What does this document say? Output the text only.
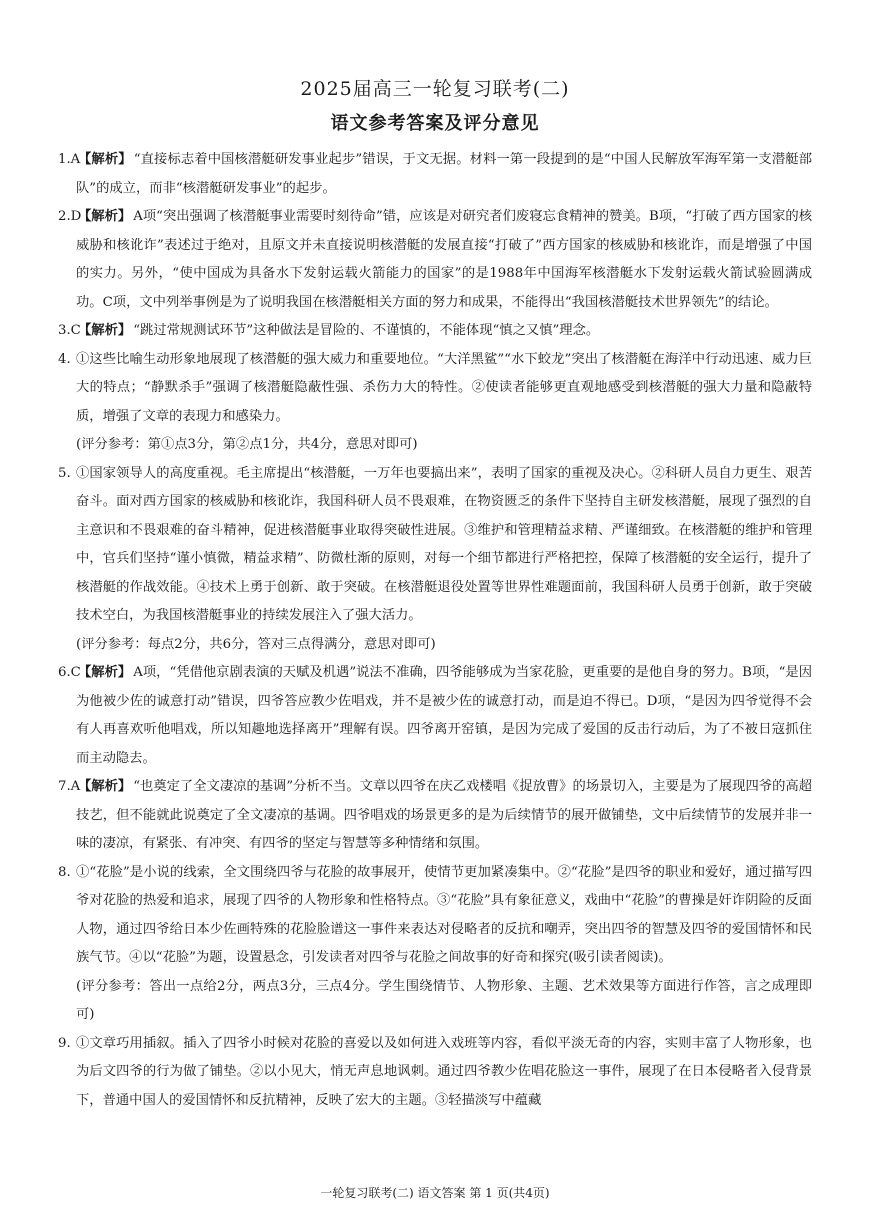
2025届高三一轮复习联考(二)
语文参考答案及评分意见

1.A
【解析】 “直接标志着中国核潜艇研发事业起步”错误，于文无据。材料一第一段提到的是“中国人民解放军海军第一支潜艇部队”的成立，而非“核潜艇研发事业”的起步。

2.D
【解析】 A项“突出强调了核潜艇事业需要时刻待命”错，应该是对研究者们废寝忘食精神的赞美。B项，“打破了西方国家的核威胁和核讹诈”表述过于绝对，且原文并未直接说明核潜艇的发展直接“打破了”西方国家的核威胁和核讹诈，而是增强了中国的实力。另外，“使中国成为具备水下发射运载火箭能力的国家”的是1988年中国海军核潜艇水下发射运载火箭试验圆满成功。C项，文中列举事例是为了说明我国在核潜艇相关方面的努力和成果，不能得出“我国核潜艇技术世界领先”的结论。

3.C
【解析】 “跳过常规测试环节”这种做法是冒险的、不谨慎的，不能体现“慎之又慎”理念。

4. ①这些比喻生动形象地展现了核潜艇的强大威力和重要地位。“大洋黑鲨”“水下蛟龙”突出了核潜艇在海洋中行动迅速、威力巨大的特点；“静默杀手”强调了核潜艇隐蔽性强、杀伤力大的特性。②使读者能够更直观地感受到核潜艇的强大力量和隐蔽特质，增强了文章的表现力和感染力。

(评分参考：第①点3分，第②点1分，共4分，意思对即可)

5. ①国家领导人的高度重视。毛主席提出“核潜艇，一万年也要搞出来”，表明了国家的重视及决心。②科研人员自力更生、艰苦奋斗。面对西方国家的核威胁和核讹诈，我国科研人员不畏艰难，在物资匮乏的条件下坚持自主研发核潜艇，展现了强烈的自主意识和不畏艰难的奋斗精神，促进核潜艇事业取得突破性进展。③维护和管理精益求精、严谨细致。在核潜艇的维护和管理中，官兵们坚持“谨小慎微，精益求精”、防微杜渐的原则，对每一个细节都进行严格把控，保障了核潜艇的安全运行，提升了核潜艇的作战效能。④技术上勇于创新、敢于突破。在核潜艇退役处置等世界性难题面前，我国科研人员勇于创新，敢于突破技术空白，为我国核潜艇事业的持续发展注入了强大活力。

(评分参考：每点2分，共6分，答对三点得满分，意思对即可)

6.C
【解析】 A项，“凭借他京剧表演的天赋及机遇”说法不准确，四爷能够成为当家花脸，更重要的是他自身的努力。B项，“是因为他被少佐的诚意打动”错误，四爷答应教少佐唱戏，并不是被少佐的诚意打动，而是迫不得已。D项，“是因为四爷觉得不会有人再喜欢听他唱戏，所以知趣地选择离开”理解有误。四爷离开窑镇，是因为完成了爱国的反击行动后，为了不被日寇抓住而主动隐去。

7.A
【解析】 “也奠定了全文凄凉的基调”分析不当。文章以四爷在庆乙戏楼唱《捉放曹》的场景切入，主要是为了展现四爷的高超技艺，但不能就此说奠定了全文凄凉的基调。四爷唱戏的场景更多的是为后续情节的展开做铺垫，文中后续情节的发展并非一味的凄凉，有紧张、有冲突、有四爷的坚定与智慧等多种情绪和氛围。

8. ①“花脸”是小说的线索，全文围绕四爷与花脸的故事展开，使情节更加紧凑集中。②“花脸”是四爷的职业和爱好，通过描写四爷对花脸的热爱和追求，展现了四爷的人物形象和性格特点。③“花脸”具有象征意义，戏曲中“花脸”的曹操是奸诈阴险的反面人物，通过四爷给日本少佐画特殊的花脸脸谱这一事件来表达对侵略者的反抗和嘲弄，突出四爷的智慧及四爷的爱国情怀和民族气节。④以“花脸”为题，设置悬念，引发读者对四爷与花脸之间故事的好奇和探究(吸引读者阅读)。

(评分参考：答出一点给2分，两点3分，三点4分。学生围绕情节、人物形象、主题、艺术效果等方面进行作答，言之成理即可)

9. ①文章巧用插叙。插入了四爷小时候对花脸的喜爱以及如何进入戏班等内容，看似平淡无奇的内容，实则丰富了人物形象，也为后文四爷的行为做了铺垫。②以小见大，悄无声息地讽刺。通过四爷教少佐唱花脸这一事件，展现了在日本侵略者入侵背景下，普通中国人的爱国情怀和反抗精神，反映了宏大的主题。③轻描淡写中蕴藏

一轮复习联考(二) 语文答案 第 1 页(共4页)
